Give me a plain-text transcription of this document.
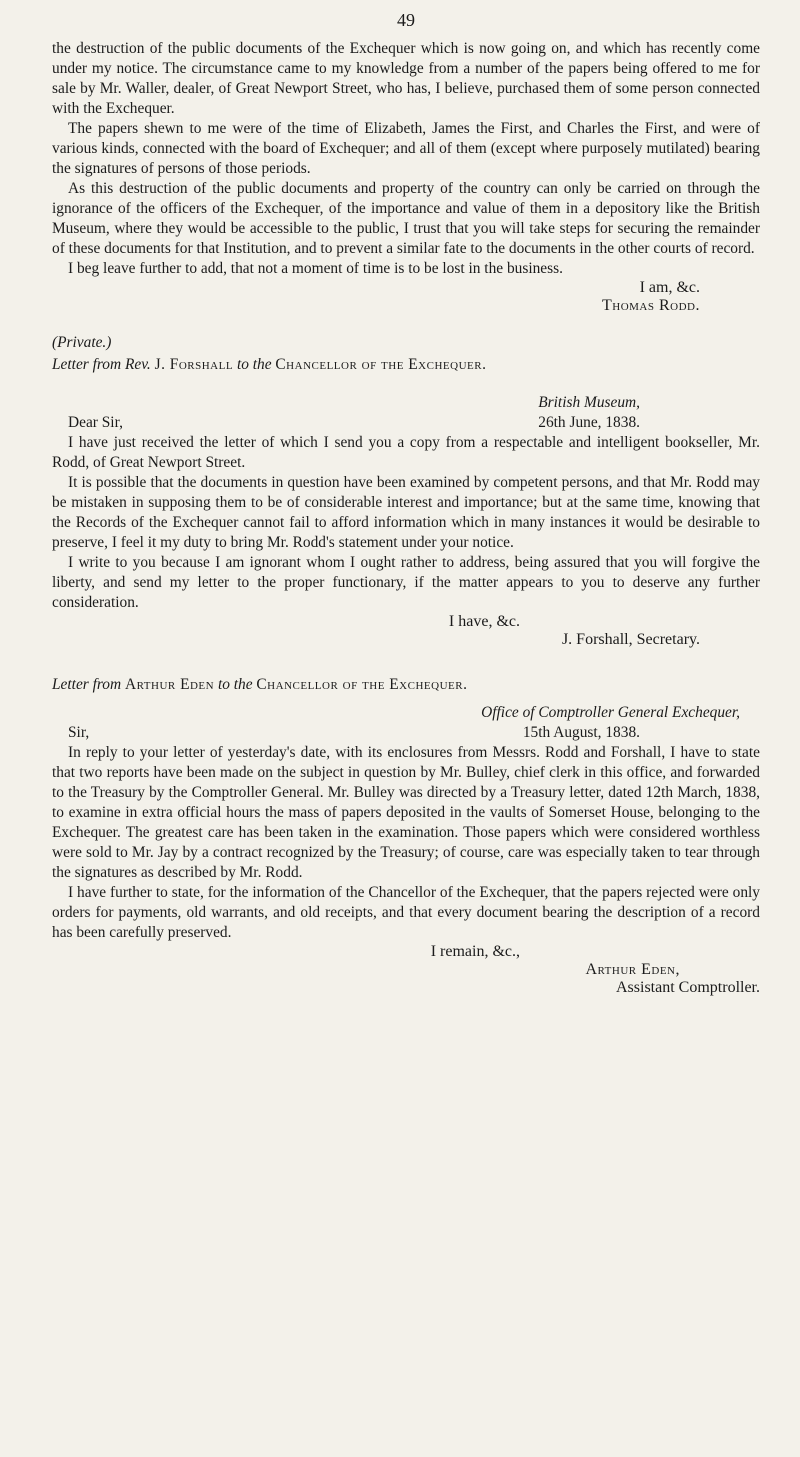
49

the destruction of the public documents of the Exchequer which is now going on, and which has recently come under my notice. The circumstance came to my knowledge from a number of the papers being offered to me for sale by Mr. Waller, dealer, of Great Newport Street, who has, I believe, purchased them of some person connected with the Exchequer.

The papers shewn to me were of the time of Elizabeth, James the First, and Charles the First, and were of various kinds, connected with the board of Exchequer; and all of them (except where purposely mutilated) bearing the signatures of persons of those periods.

As this destruction of the public documents and property of the country can only be carried on through the ignorance of the officers of the Exchequer, of the importance and value of them in a depository like the British Museum, where they would be accessible to the public, I trust that you will take steps for securing the remainder of these documents for that Institution, and to prevent a similar fate to the documents in the other courts of record.

I beg leave further to add, that not a moment of time is to be lost in the business.

I am, &c.
Thomas Rodd.
(Private.)
Letter from Rev. J. Forshall to the Chancellor of the Exchequer.
British Museum,
Dear Sir,	26th June, 1838.

I have just received the letter of which I send you a copy from a respectable and intelligent bookseller, Mr. Rodd, of Great Newport Street.

It is possible that the documents in question have been examined by competent persons, and that Mr. Rodd may be mistaken in supposing them to be of considerable interest and importance; but at the same time, knowing that the Records of the Exchequer cannot fail to afford information which in many instances it would be desirable to preserve, I feel it my duty to bring Mr. Rodd's statement under your notice.

I write to you because I am ignorant whom I ought rather to address, being assured that you will forgive the liberty, and send my letter to the proper functionary, if the matter appears to you to deserve any further consideration.

I have, &c.
J. Forshall, Secretary.
Letter from Arthur Eden to the Chancellor of the Exchequer.
Office of Comptroller General Exchequer,
Sir,	15th August, 1838.

In reply to your letter of yesterday's date, with its enclosures from Messrs. Rodd and Forshall, I have to state that two reports have been made on the subject in question by Mr. Bulley, chief clerk in this office, and forwarded to the Treasury by the Comptroller General. Mr. Bulley was directed by a Treasury letter, dated 12th March, 1838, to examine in extra official hours the mass of papers deposited in the vaults of Somerset House, belonging to the Exchequer. The greatest care has been taken in the examination. Those papers which were considered worthless were sold to Mr. Jay by a contract recognized by the Treasury; of course, care was especially taken to tear through the signatures as described by Mr. Rodd.

I have further to state, for the information of the Chancellor of the Exchequer, that the papers rejected were only orders for payments, old warrants, and old receipts, and that every document bearing the description of a record has been carefully preserved.

I remain, &c.,
Arthur Eden,
Assistant Comptroller.
